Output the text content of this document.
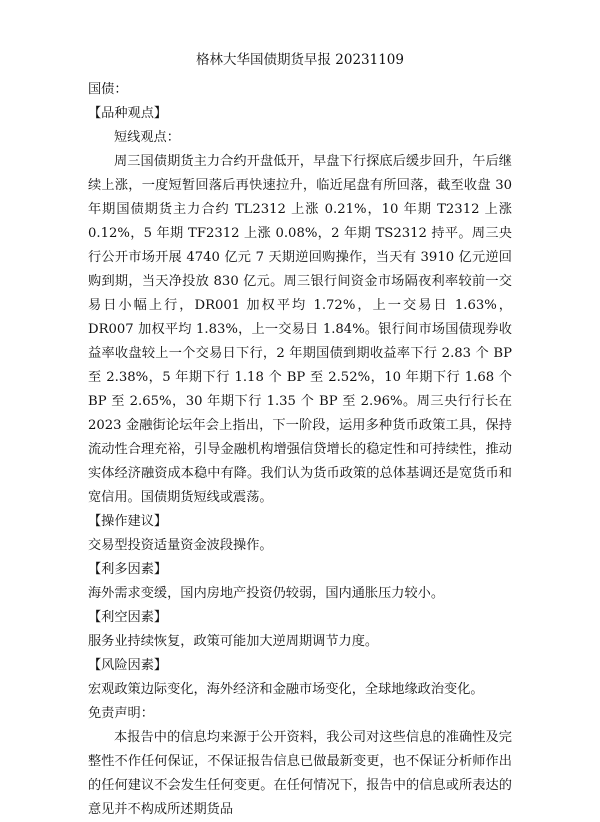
格林大华国债期货早报 20231109

国债：

【品种观点】

短线观点：

周三国债期货主力合约开盘低开，早盘下行探底后缓步回升，午后继续上涨，一度短暂回落后再快速拉升，临近尾盘有所回落，截至收盘 30 年期国债期货主力合约 TL2312 上涨 0.21%，10 年期 T2312 上涨 0.12%，5 年期 TF2312 上涨 0.08%，2 年期 TS2312 持平。周三央行公开市场开展 4740 亿元 7 天期逆回购操作，当天有 3910 亿元逆回购到期，当天净投放 830 亿元。周三银行间资金市场隔夜利率较前一交易日小幅上行，DR001 加权平均 1.72%，上一交易日 1.63%，DR007 加权平均 1.83%，上一交易日 1.84%。银行间市场国债现券收益率收盘较上一个交易日下行，2 年期国债到期收益率下行 2.83 个 BP 至 2.38%，5 年期下行 1.18 个 BP 至 2.52%，10 年期下行 1.68 个 BP 至 2.65%，30 年期下行 1.35 个 BP 至 2.96%。周三央行行长在 2023 金融街论坛年会上指出，下一阶段，运用多种货币政策工具，保持流动性合理充裕，引导金融机构增强信贷增长的稳定性和可持续性，推动实体经济融资成本稳中有降。我们认为货币政策的总体基调还是宽货币和宽信用。国债期货短线或震荡。

【操作建议】

交易型投资适量资金波段操作。

【利多因素】

海外需求变缓，国内房地产投资仍较弱，国内通胀压力较小。

【利空因素】

服务业持续恢复，政策可能加大逆周期调节力度。

【风险因素】

宏观政策边际变化，海外经济和金融市场变化，全球地缘政治变化。

免责声明：

本报告中的信息均来源于公开资料，我公司对这些信息的准确性及完整性不作任何保证，不保证报告信息已做最新变更，也不保证分析师作出的任何建议不会发生任何变更。在任何情况下，报告中的信息或所表达的意见并不构成所述期货品
